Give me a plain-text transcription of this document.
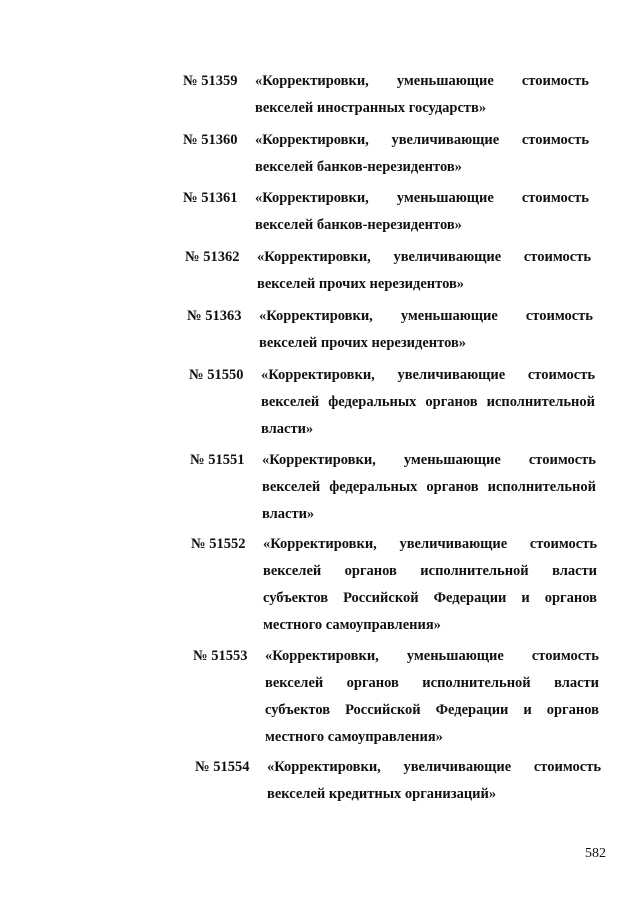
№ 51359	«Корректировки, уменьшающие стоимость
векселей иностранных государств»
№ 51360	«Корректировки, увеличивающие стоимость
векселей банков-нерезидентов»
№ 51361	«Корректировки, уменьшающие стоимость
векселей банков-нерезидентов»
№ 51362	«Корректировки, увеличивающие стоимость
векселей прочих нерезидентов»
№ 51363	«Корректировки, уменьшающие стоимость
векселей прочих нерезидентов»
№ 51550	«Корректировки, увеличивающие стоимость
векселей федеральных органов исполнительной
власти»
№ 51551	«Корректировки, уменьшающие стоимость
векселей федеральных органов исполнительной
власти»
№ 51552	«Корректировки, увеличивающие стоимость
векселей органов исполнительной власти
субъектов Российской Федерации и органов
местного самоуправления»
№ 51553	«Корректировки, уменьшающие стоимость
векселей органов исполнительной власти
субъектов Российской Федерации и органов
местного самоуправления»
№ 51554	«Корректировки, увеличивающие стоимость
векселей кредитных организаций»
582
